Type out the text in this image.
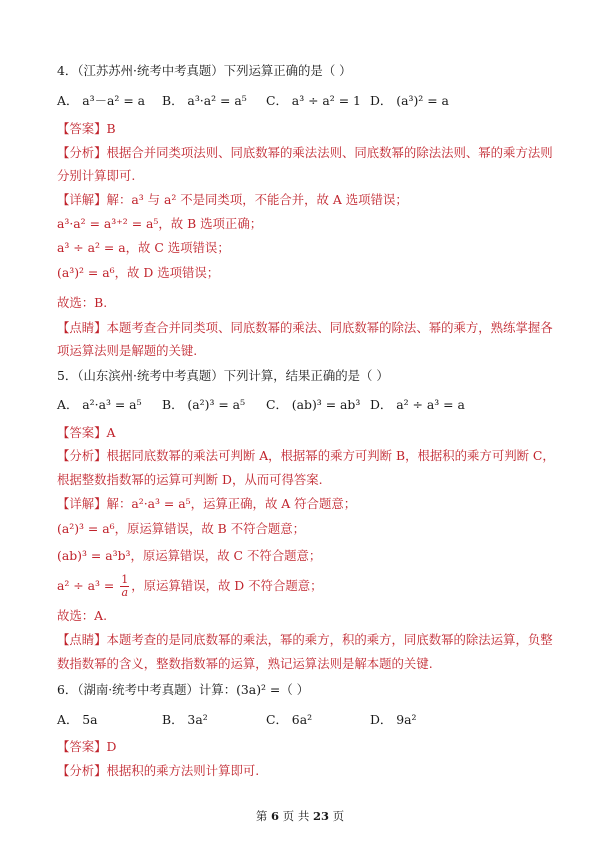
4．（江苏苏州·统考中考真题）下列运算正确的是（ ）
A． a³－a² = a B． a³·a² = a⁵ C． a³ ÷ a² = 1 D． (a³)² = a
【答案】B
【分析】根据合并同类项法则、同底数幂的乘法法则、同底数幂的除法法则、幂的乘方法则
分别计算即可.
【详解】解：a³ 与 a² 不是同类项，不能合并，故 A 选项错误；
a³·a² = a³⁺² = a⁵，故 B 选项正确；
a³ ÷ a² = a，故 C 选项错误；
(a³)² = a⁶，故 D 选项错误；
故选：B.
【点睛】本题考查合并同类项、同底数幂的乘法、同底数幂的除法、幂的乘方，熟练掌握各
项运算法则是解题的关键.
5．（山东滨州·统考中考真题）下列计算，结果正确的是（ ）
A． a²·a³ = a⁵ B． (a²)³ = a⁵ C． (ab)³ = ab³ D． a² ÷ a³ = a
【答案】A
【分析】根据同底数幂的乘法可判断 A，根据幂的乘方可判断 B，根据积的乘方可判断 C，
根据整数指数幂的运算可判断 D，从而可得答案.
【详解】解：a²·a³ = a⁵，运算正确，故 A 符合题意；
(a²)³ = a⁶，原运算错误，故 B 不符合题意；
(ab)³ = a³b³，原运算错误，故 C 不符合题意；
$a^2 \div a^3 = \frac{1}{a}$ ，原运算错误，故 D 不符合题意；
故选：A.
【点睛】本题考查的是同底数幂的乘法，幂的乘方，积的乘方，同底数幂的除法运算，负整
数指数幂的含义，整数指数幂的运算，熟记运算法则是解本题的关键.
6．（湖南·统考中考真题）计算：(3a)² =（ ）
A． 5a	B． 3a²	C． 6a²	D． 9a²
【答案】D
【分析】根据积的乘方法则计算即可.
第 6 页 共 23 页
